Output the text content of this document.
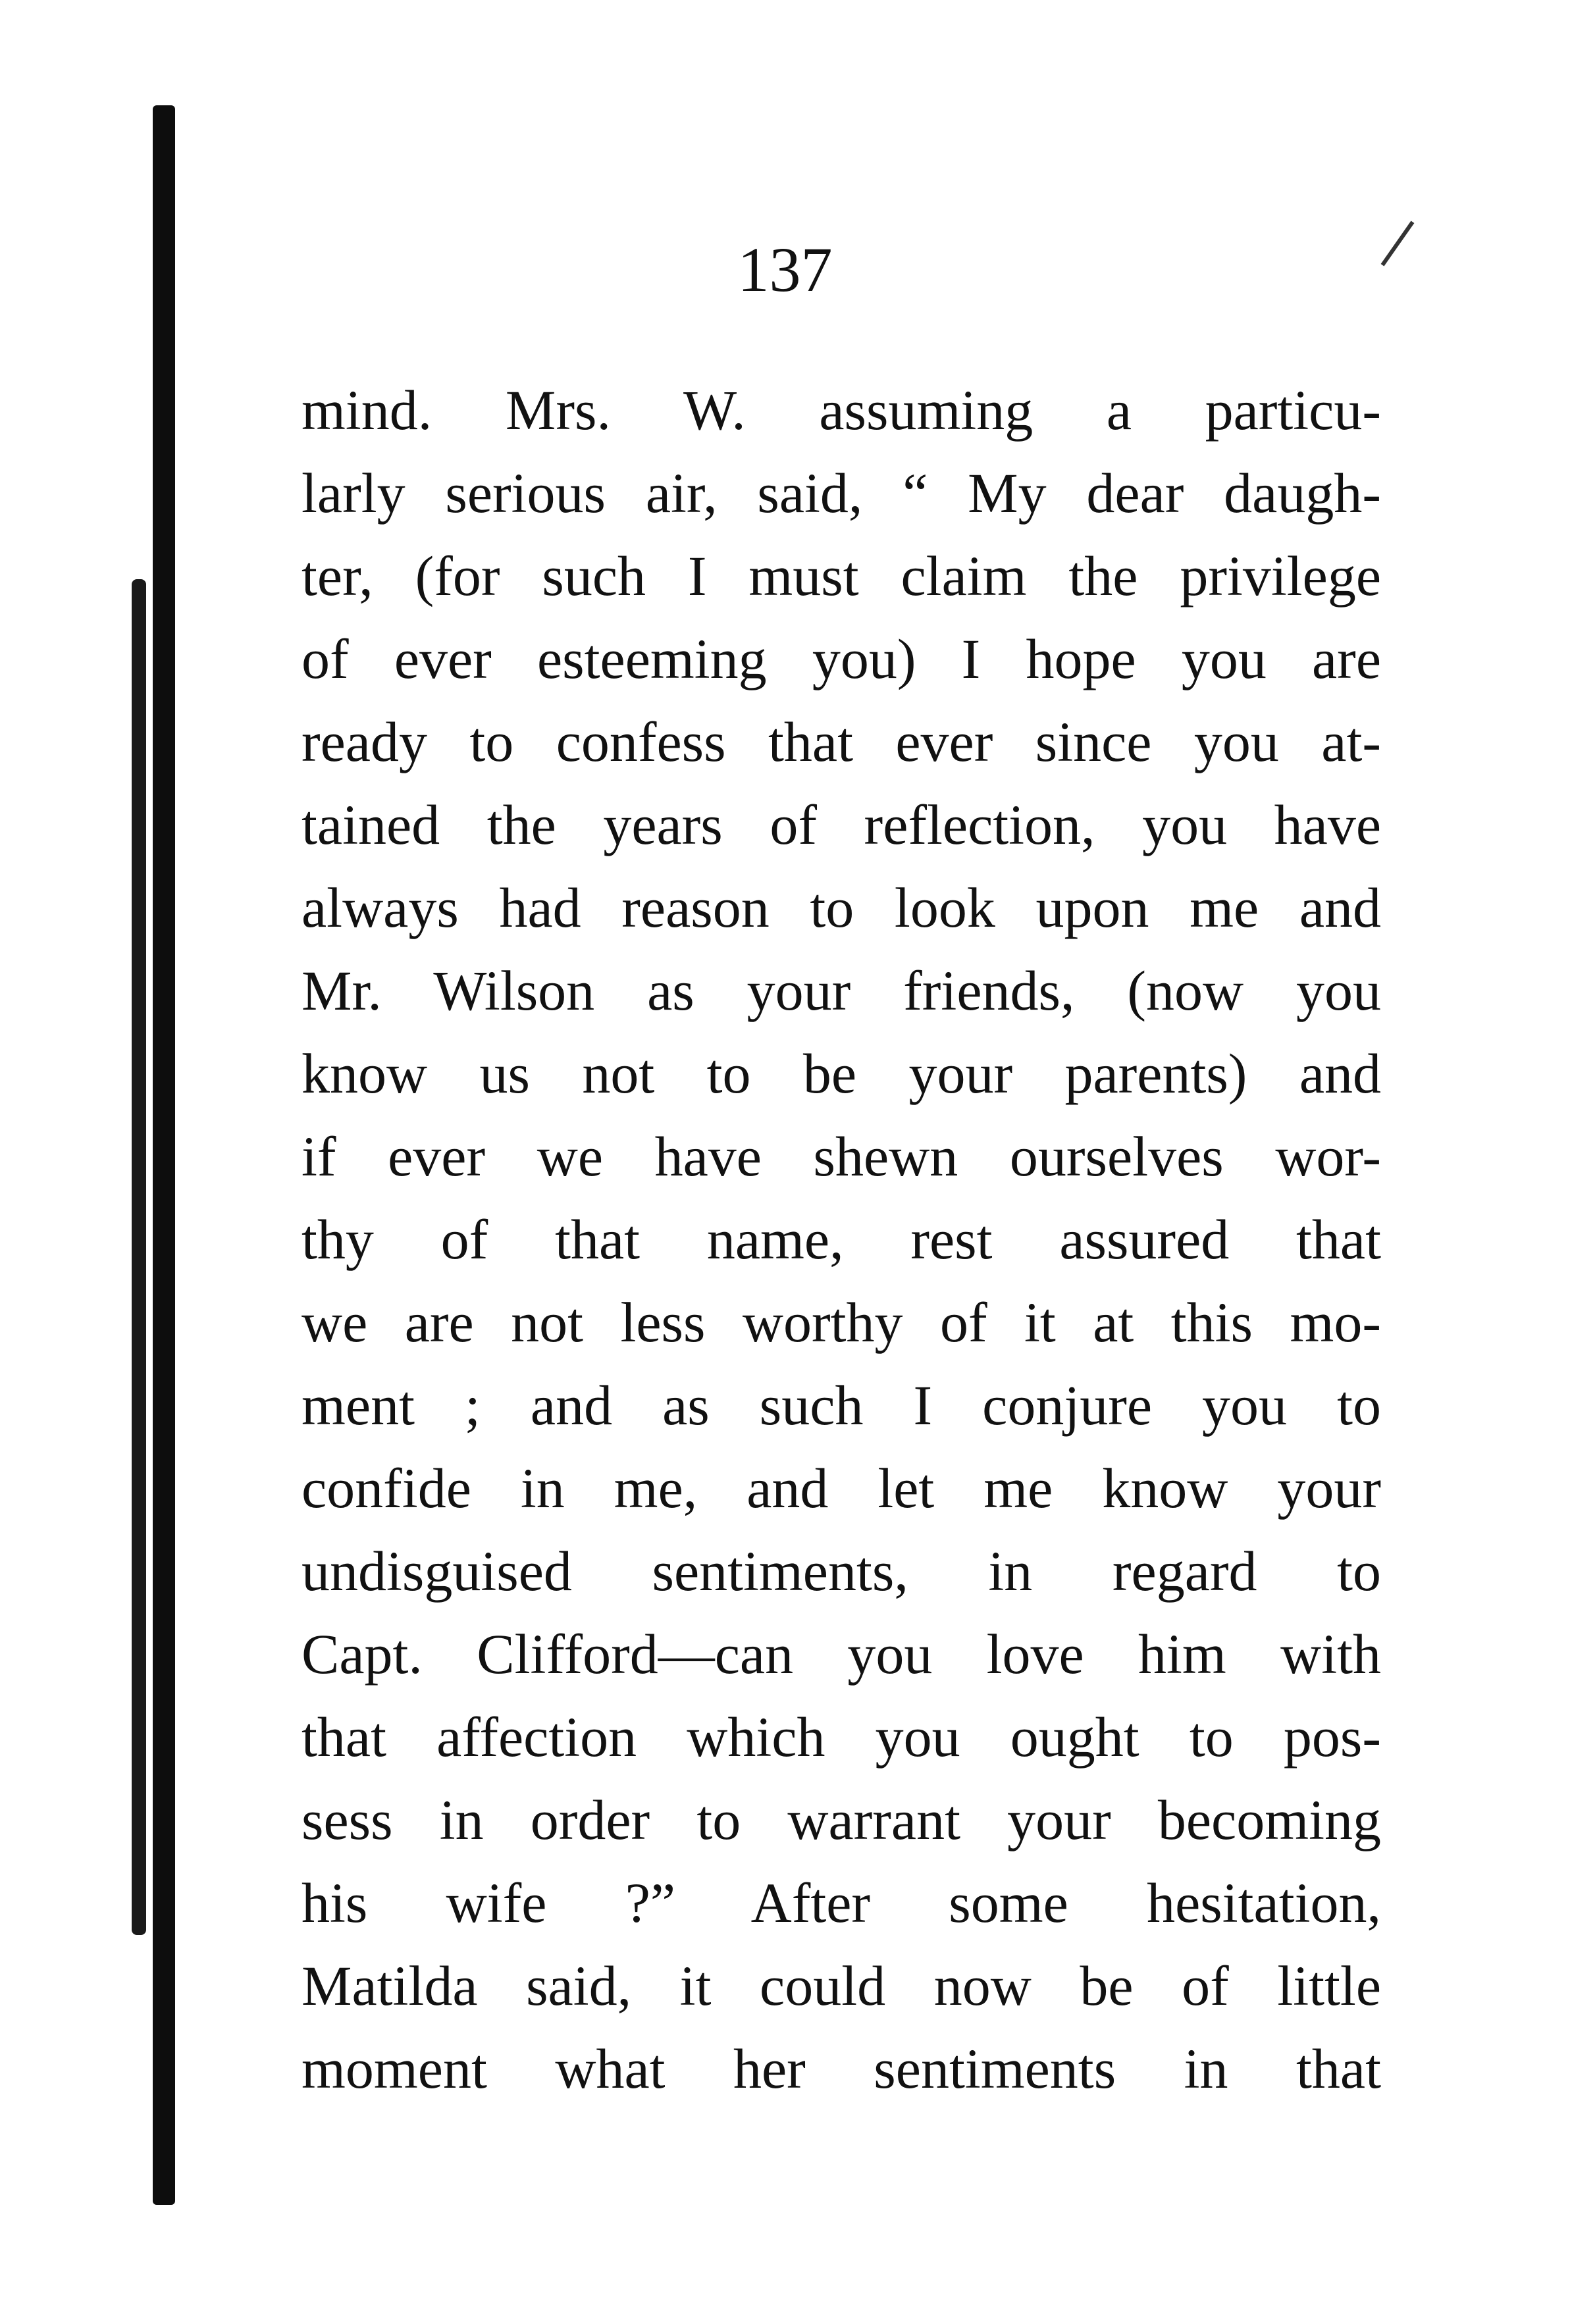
137
mind. Mrs. W. assuming a particu-
larly serious air, said, “ My dear daugh-
ter, (for such I must claim the privilege
of ever esteeming you) I hope you are
ready to confess that ever since you at-
tained the years of reflection, you have
always had reason to look upon me and
Mr. Wilson as your friends, (now you
know us not to be your parents) and
if ever we have shewn ourselves wor-
thy of that name, rest assured that
we are not less worthy of it at this mo-
ment ; and as such I conjure you to
confide in me, and let me know your
undisguised sentiments, in regard to
Capt. Clifford—can you love him with
that affection which you ought to pos-
sess in order to warrant your becoming
his wife ?” After some hesitation,
Matilda said, it could now be of little
moment what her sentiments in that
